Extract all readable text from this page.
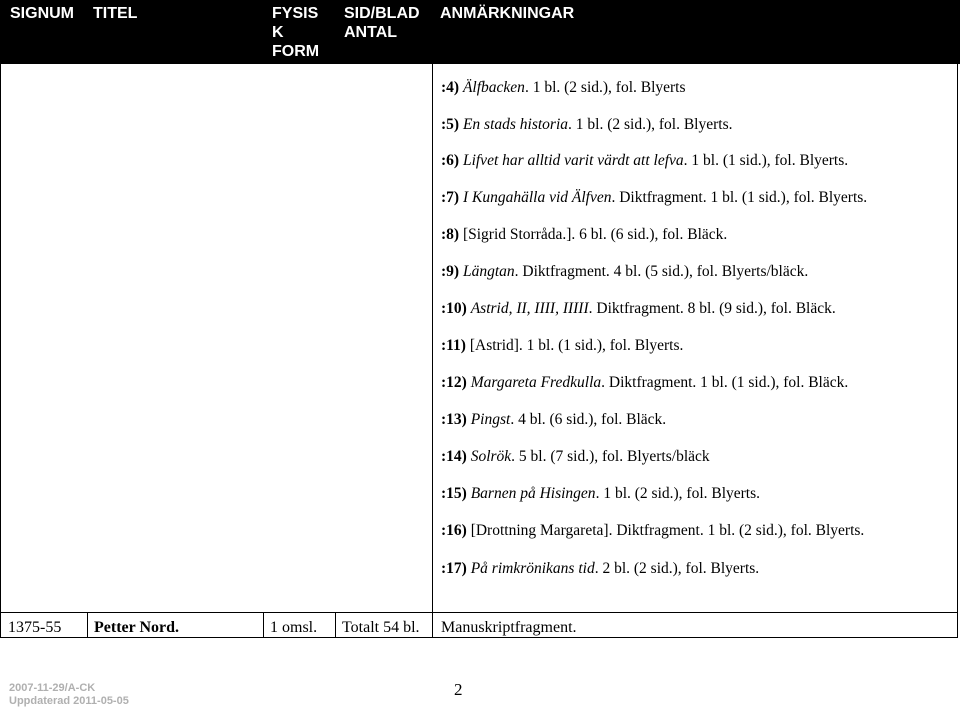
SIGNUM TITEL	FYSIS
K
FORM
SID/BLAD
ANTAL
ANMÄRKNINGAR
:4) Älfbacken. 1 bl. (2 sid.), fol. Blyerts
:5) En stads historia. 1 bl. (2 sid.), fol. Blyerts.
:6) Lifvet har alltid varit värdt att lefva. 1 bl. (1 sid.), fol. Blyerts.
:7) I Kungahälla vid Älfven. Diktfragment. 1 bl. (1 sid.), fol. Blyerts.
:8) [Sigrid Storråda.]. 6 bl. (6 sid.), fol. Bläck.
:9) Längtan. Diktfragment. 4 bl. (5 sid.), fol. Blyerts/bläck.
:10) Astrid, II, IIII, IIIII. Diktfragment. 8 bl. (9 sid.), fol. Bläck.
:11) [Astrid]. 1 bl. (1 sid.), fol. Blyerts.
:12) Margareta Fredkulla. Diktfragment. 1 bl. (1 sid.), fol. Bläck.
:13) Pingst. 4 bl. (6 sid.), fol. Bläck.
:14) Solrök. 5 bl. (7 sid.), fol. Blyerts/bläck
:15) Barnen på Hisingen. 1 bl. (2 sid.), fol. Blyerts.
:16) [Drottning Margareta]. Diktfragment. 1 bl. (2 sid.), fol. Blyerts.
:17) På rimkrönikans tid. 2 bl. (2 sid.), fol. Blyerts.
1375-55 Petter Nord.	1 omsl. Totalt 54 bl. Manuskriptfragment.
2007-11-29/A-CK
Uppdaterad 2011-05-05
2
